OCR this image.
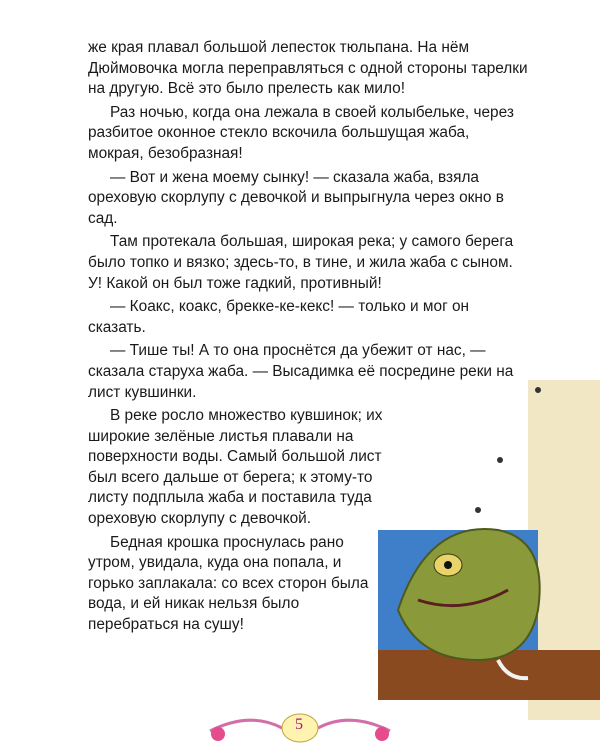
же края плавал большой лепесток тюльпана. На нём Дюймовочка могла переправляться с одной стороны тарелки на другую. Всё это было прелесть как мило!

Раз ночью, когда она лежала в своей колыбельке, через разбитое оконное стекло вскочила большущая жаба, мокрая, безобразная!

— Вот и жена моему сынку! — сказала жаба, взяла ореховую скорлупу с девочкой и выпрыгнула через окно в сад.

Там протекала большая, широкая река; у самого берега было топко и вязко; здесь-то, в тине, и жила жаба с сыном. У! Какой он был тоже гадкий, противный!

— Коакс, коакс, брекке-ке-кекс! — только и мог он сказать.

— Тише ты! А то она проснётся да убежит от нас, — сказала старуха жаба. — Высадимка её посредине реки на лист кувшинки.

В реке росло множество кувшинок; их широкие зелёные листья плавали на поверхности воды. Самый большой лист был всего дальше от берега; к этому-то листу подплыла жаба и поставила туда ореховую скорлупу с девочкой.

Бедная крошка проснулась рано утром, увидала, куда она попала, и горько заплакала: со всех сторон была вода, и ей никак нельзя было перебраться на сушу!

5
